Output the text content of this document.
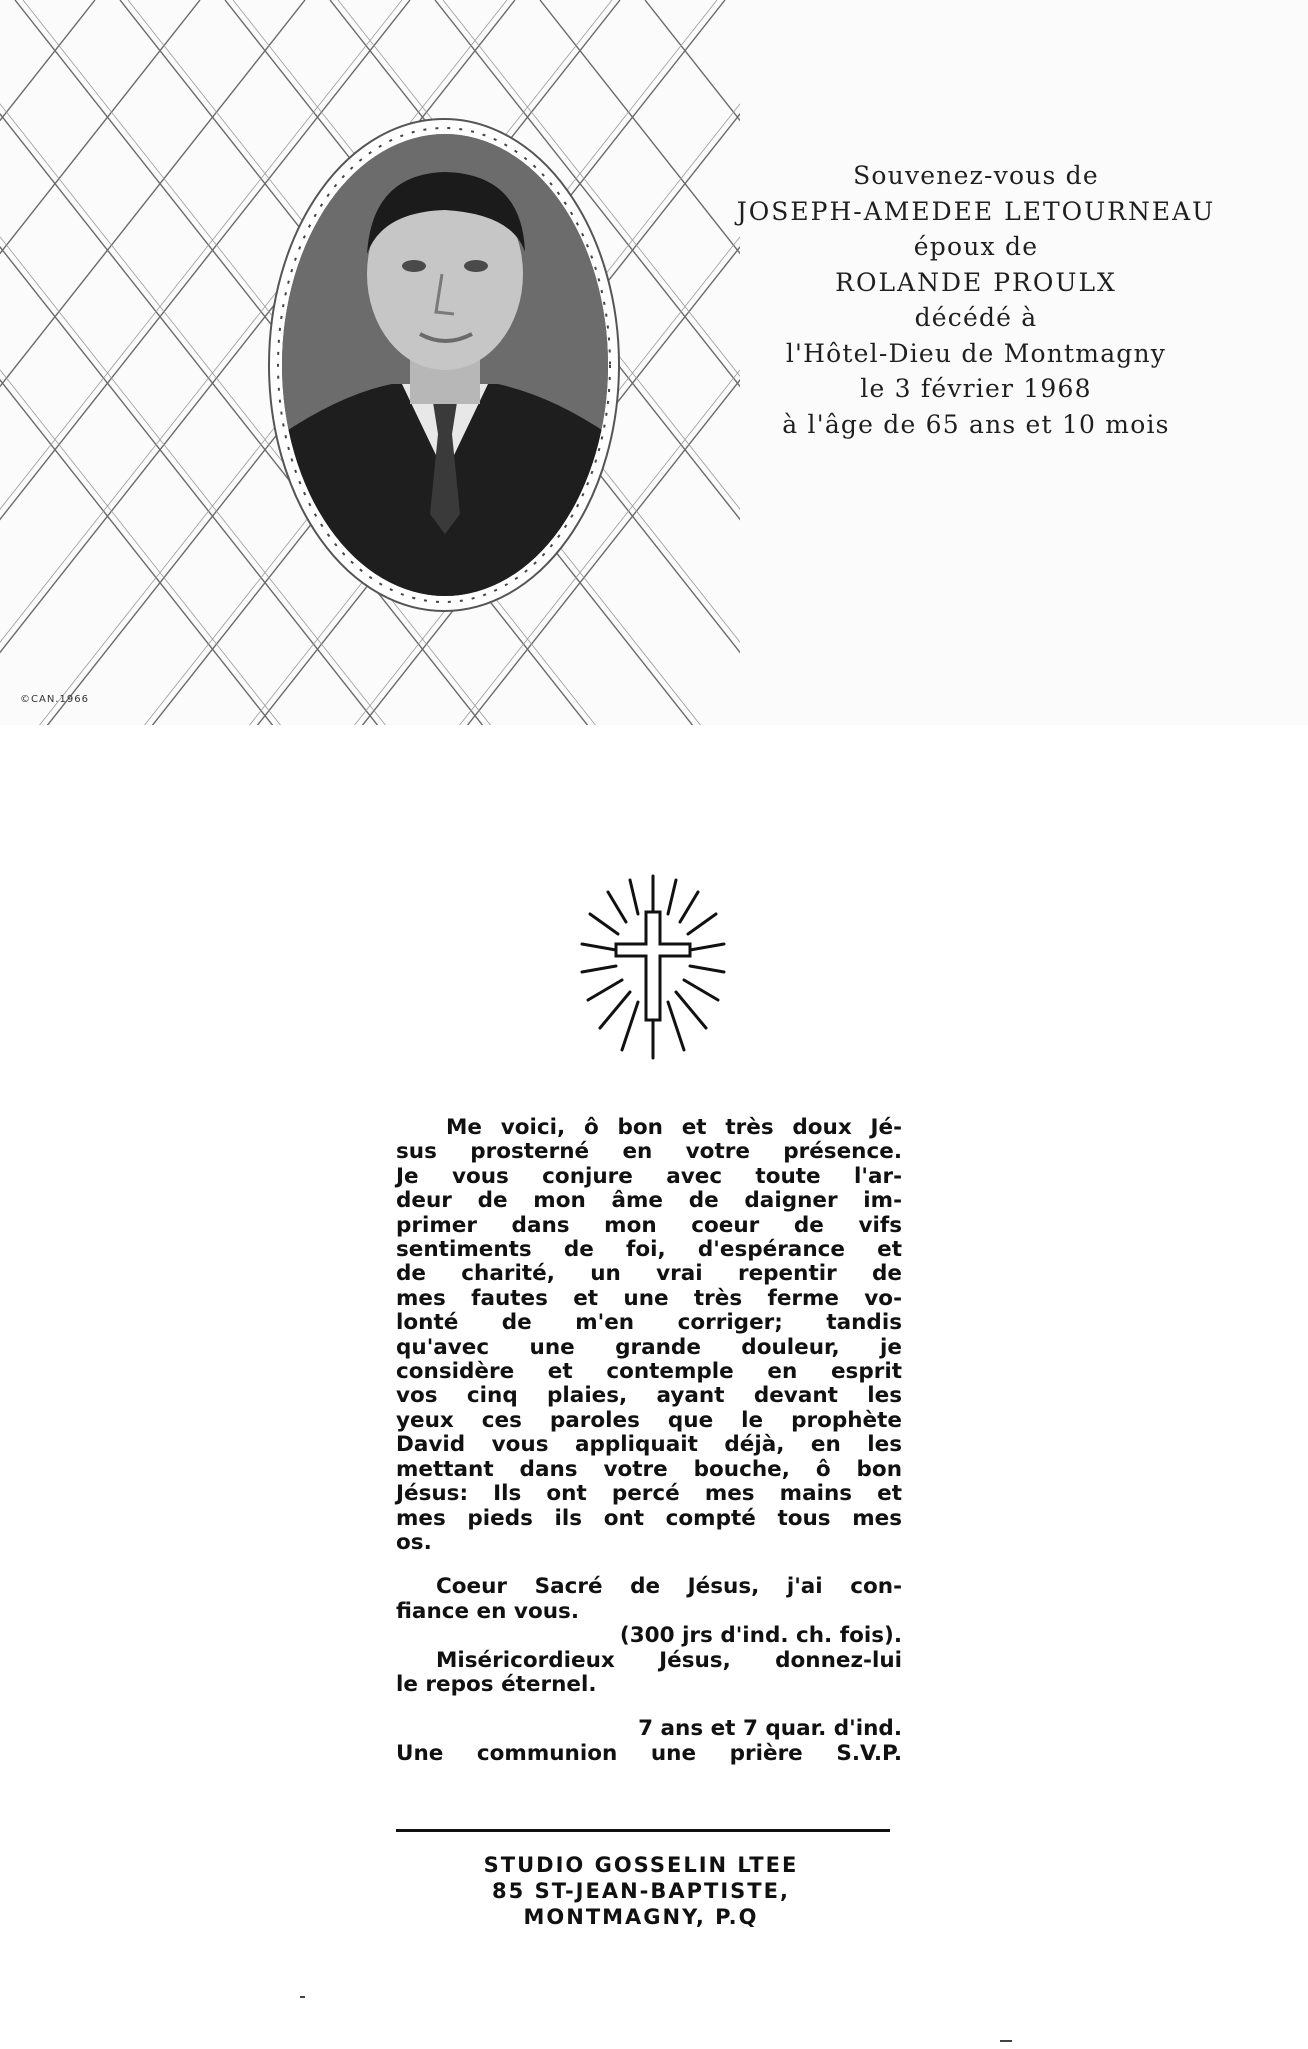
©CAN.1966
Souvenez-vous de
JOSEPH-AMEDEE LETOURNEAU
époux de
ROLANDE PROULX
décédé à
l'Hôtel-Dieu de Montmagny
le 3 février 1968
à l'âge de 65 ans et 10 mois

Me voici, ô bon et très doux Jé-

sus prosterné en votre présence.

Je vous conjure avec toute l'ar-

deur de mon âme de daigner im-

primer dans mon coeur de vifs

sentiments de foi, d'espérance et

de charité, un vrai repentir de

mes fautes et une très ferme vo-

lonté de m'en corriger; tandis

qu'avec une grande douleur, je

considère et contemple en esprit

vos cinq plaies, ayant devant les

yeux ces paroles que le prophète

David vous appliquait déjà, en les

mettant dans votre bouche, ô bon

Jésus: Ils ont percé mes mains et

mes pieds ils ont compté tous mes

os.

Coeur Sacré de Jésus, j'ai con-

fiance en vous.

(300 jrs d'ind. ch. fois).

Miséricordieux Jésus, donnez-lui

le repos éternel.

7 ans et 7 quar. d'ind.

Une communion une prière S.V.P.

STUDIO GOSSELIN LTEE
85 ST-JEAN-BAPTISTE,
MONTMAGNY, P.Q
